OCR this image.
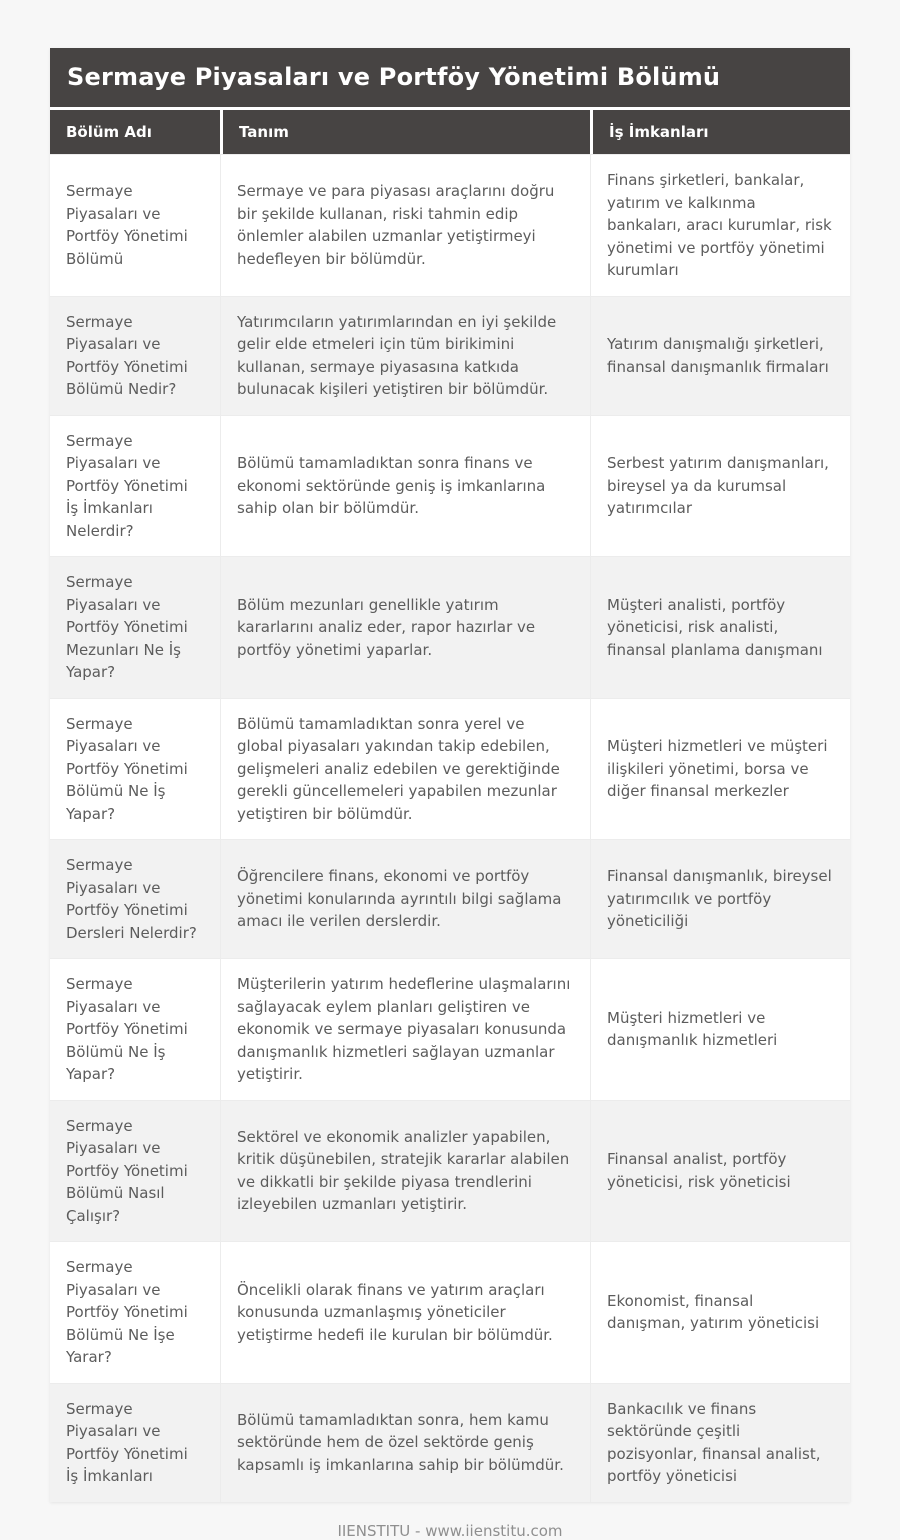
Sermaye Piyasaları ve Portföy Yönetimi Bölümü
Bölüm Adı	Tanım	İş İmkanları
Sermaye Piyasaları ve Portföy Yönetimi Bölümü	Sermaye ve para piyasası araçlarını doğru bir şekilde kullanan, riski tahmin edip önlemler alabilen uzmanlar yetiştirmeyi hedefleyen bir bölümdür.	Finans şirketleri, bankalar, yatırım ve kalkınma bankaları, aracı kurumlar, risk yönetimi ve portföy yönetimi kurumları
Sermaye Piyasaları ve Portföy Yönetimi Bölümü Nedir?	Yatırımcıların yatırımlarından en iyi şekilde gelir elde etmeleri için tüm birikimini kullanan, sermaye piyasasına katkıda bulunacak kişileri yetiştiren bir bölümdür.	Yatırım danışmalığı şirketleri, finansal danışmanlık firmaları
Sermaye Piyasaları ve Portföy Yönetimi İş İmkanları Nelerdir?	Bölümü tamamladıktan sonra finans ve ekonomi sektöründe geniş iş imkanlarına sahip olan bir bölümdür.	Serbest yatırım danışmanları, bireysel ya da kurumsal yatırımcılar
Sermaye Piyasaları ve Portföy Yönetimi Mezunları Ne İş Yapar?	Bölüm mezunları genellikle yatırım kararlarını analiz eder, rapor hazırlar ve portföy yönetimi yaparlar.	Müşteri analisti, portföy yöneticisi, risk analisti, finansal planlama danışmanı
Sermaye Piyasaları ve Portföy Yönetimi Bölümü Ne İş Yapar?	Bölümü tamamladıktan sonra yerel ve global piyasaları yakından takip edebilen, gelişmeleri analiz edebilen ve gerektiğinde gerekli güncellemeleri yapabilen mezunlar yetiştiren bir bölümdür.	Müşteri hizmetleri ve müşteri ilişkileri yönetimi, borsa ve diğer finansal merkezler
Sermaye Piyasaları ve Portföy Yönetimi Dersleri Nelerdir?	Öğrencilere finans, ekonomi ve portföy yönetimi konularında ayrıntılı bilgi sağlama amacı ile verilen derslerdir.	Finansal danışmanlık, bireysel yatırımcılık ve portföy yöneticiliği
Sermaye Piyasaları ve Portföy Yönetimi Bölümü Ne İş Yapar?	Müşterilerin yatırım hedeflerine ulaşmalarını sağlayacak eylem planları geliştiren ve ekonomik ve sermaye piyasaları konusunda danışmanlık hizmetleri sağlayan uzmanlar yetiştirir.	Müşteri hizmetleri ve danışmanlık hizmetleri
Sermaye Piyasaları ve Portföy Yönetimi Bölümü Nasıl Çalışır?	Sektörel ve ekonomik analizler yapabilen, kritik düşünebilen, stratejik kararlar alabilen ve dikkatli bir şekilde piyasa trendlerini izleyebilen uzmanları yetiştirir.	Finansal analist, portföy yöneticisi, risk yöneticisi
Sermaye Piyasaları ve Portföy Yönetimi Bölümü Ne İşe Yarar?	Öncelikli olarak finans ve yatırım araçları konusunda uzmanlaşmış yöneticiler yetiştirme hedefi ile kurulan bir bölümdür.	Ekonomist, finansal danışman, yatırım yöneticisi
Sermaye Piyasaları ve Portföy Yönetimi İş İmkanları	Bölümü tamamladıktan sonra, hem kamu sektöründe hem de özel sektörde geniş kapsamlı iş imkanlarına sahip bir bölümdür.	Bankacılık ve finans sektöründe çeşitli pozisyonlar, finansal analist, portföy yöneticisi
IIENSTITU - www.iienstitu.com
